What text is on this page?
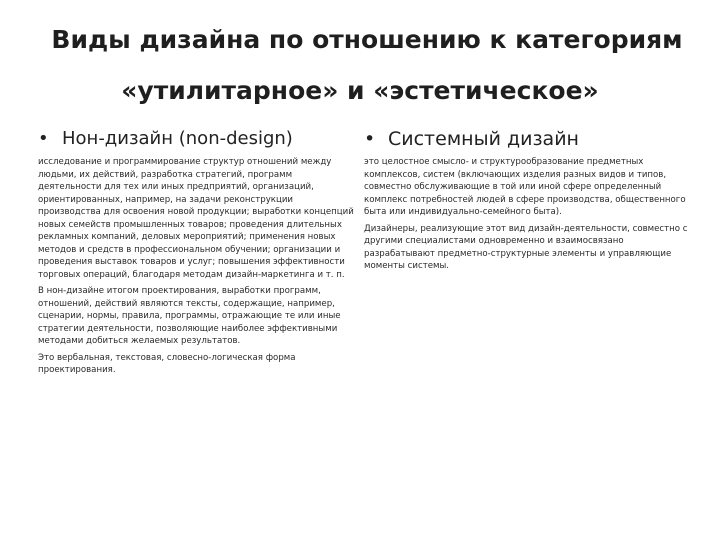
Виды дизайна по отношению к категориям
«утилитарное» и «эстетическое»
• Нон-дизайн (non-design)

исследование и программирование структур отношений между людьми, их действий, разработка стратегий, программ деятельности для тех или иных предприятий, организаций, ориентированных, например, на задачи реконструкции производства для освоения новой продукции; выработки концепций новых семейств промышленных товаров; проведения длительных рекламных компаний, деловых мероприятий; применения новых методов и средств в профессиональном обучении; организации и проведения выставок товаров и услуг; повышения эффективности торговых операций, благодаря методам дизайн-маркетинга и т. п.

В нон-дизайне итогом проектирования, выработки программ, отношений, действий являются тексты, содержащие, например, сценарии, нормы, правила, программы, отражающие те или иные стратегии деятельности, позволяющие наиболее эффективными методами добиться желаемых результатов.

Это вербальная, текстовая, словесно-логическая форма проектирования.

• Системный дизайн

это целостное смысло- и структурообразование предметных комплексов, систем (включающих изделия разных видов и типов, совместно обслуживающие в той или иной сфере определенный комплекс потребностей людей в сфере производства, общественного быта или индивидуально-семейного быта).

Дизайнеры, реализующие этот вид дизайн-деятельности, совместно с другими специалистами одновременно и взаимосвязано разрабатывают предметно-структурные элементы и управляющие моменты системы.
